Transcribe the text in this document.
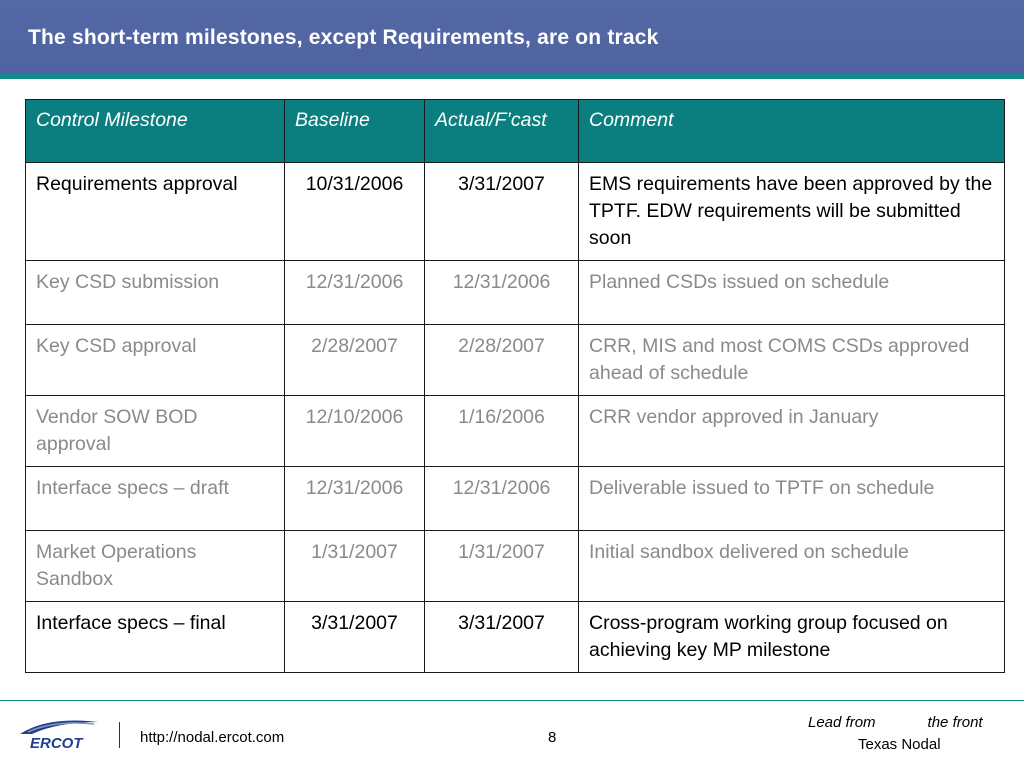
The short-term milestones, except Requirements, are on track
Control Milestone	Baseline	Actual/F’cast	Comment
Requirements approval	10/31/2006	3/31/2007	EMS requirements have been approved by the TPTF. EDW requirements will be submitted soon
Key CSD submission	12/31/2006	12/31/2006	Planned CSDs issued on schedule
Key CSD approval	2/28/2007	2/28/2007	CRR, MIS and most COMS CSDs approved ahead of schedule
Vendor SOW BOD approval	12/10/2006	1/16/2006	CRR vendor approved in January
Interface specs – draft	12/31/2006	12/31/2006	Deliverable issued to TPTF on schedule
Market Operations Sandbox	1/31/2007	1/31/2007	Initial sandbox delivered on schedule
Interface specs – final	3/31/2007	3/31/2007	Cross-program working group focused on achieving key MP milestone
ERCOT	http://nodal.ercot.com	8
Lead from	the front
Texas Nodal
